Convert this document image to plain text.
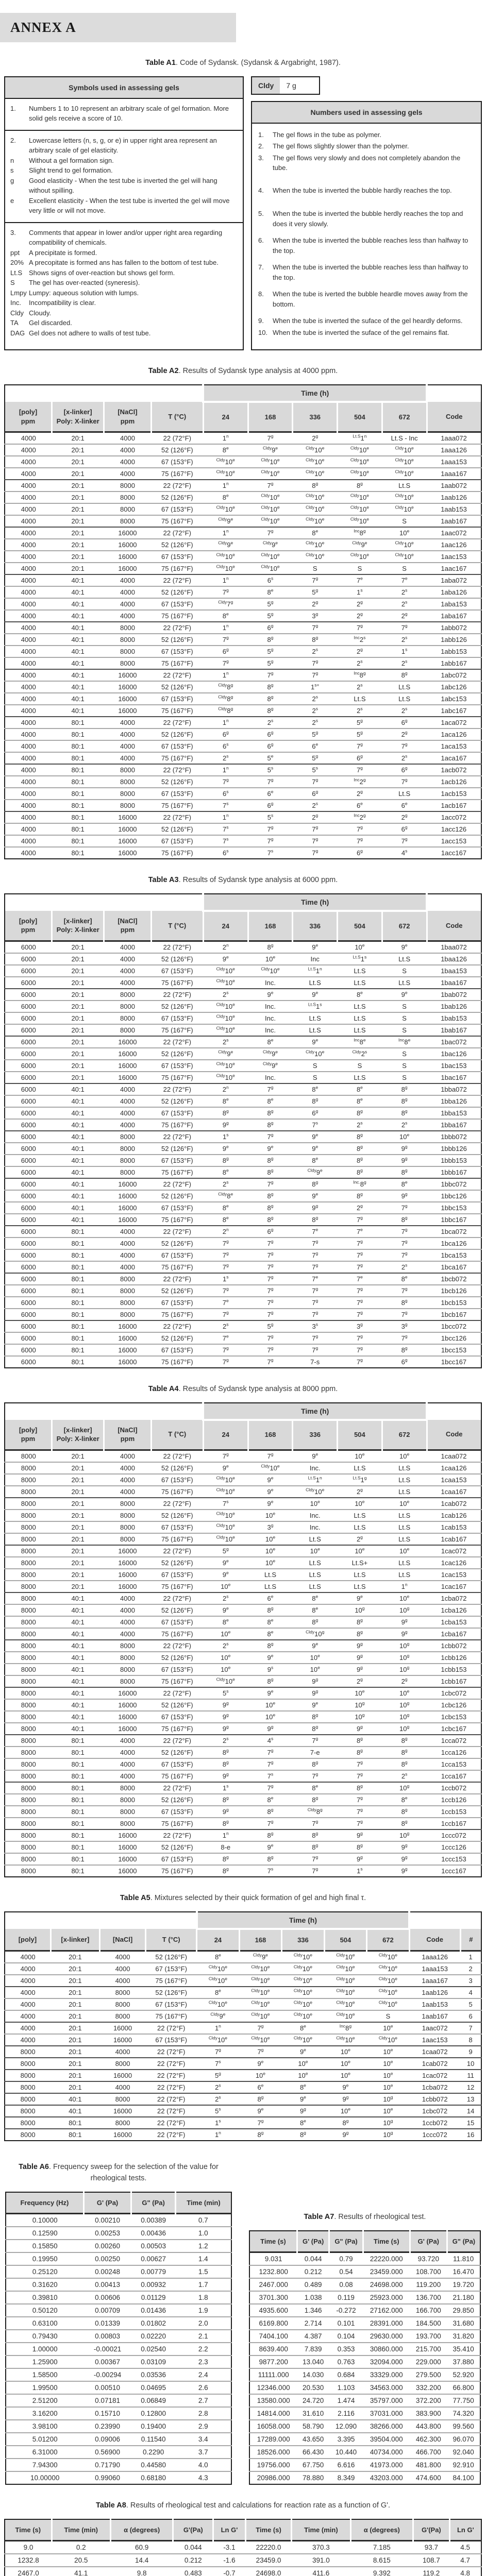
ANNEX A
Table A1. Code of Sydansk. (Sydansk & Argabright, 1987).
Symbols used in assessing gels
1.	Numbers 1 to 10 represent an arbitrary scale of gel formation. More solid gels receive a score of 10.
2.	Lowercase letters (n, s, g, or e) in upper right area represent an arbitrary scale of gel elasticity.
n	Without a gel formation sign.
s	Slight trend to gel formation.
g	Good elasticity - When the test tube is inverted the gel will hang without spilling.
e	Excellent elasticity - When the test tube is inverted the gel will move very little or will not move.
3.	Comments that appear in lower and/or upper right area regarding compatibility of chemicals.
ppt	A precipitate is formed.
20% A precopitate is formed ans has fallen to the bottom of test tube.
Lt.S Shows signs of over-reaction but shows gel form.
S	The gel has over-reacted (syneresis).
Lmpy Lumpy: aqueous solution with lumps.
Inc.	Incompatibility is clear.
Cldy Cloudy.
TA	Gel discarded.
DAG Gel does not adhere to walls of test tube.
Cldy	7 g
Numbers used in assessing gels
1.	The gel flows in the tube as polymer.
2.	The gel flows slightly slower than the polymer.
3.	The gel flows very slowly and does not completely abandon the tube.
4.	When the tube is inverted the bubble hardly reaches the top.
5.	When the tube is inverted the bubble herdly reaches the top and does it very slowly.
6.	When the tube is inverted the bubble reaches less than halfway to the top.
7.	When the tube is inverted the bubble reaches less than halfway to the top.
8.	When the tube is iverted the bubble heardle moves away from the bottom.
9.	When the tube is inverted the suface of the gel heardly deforms.
10. When the tube is inverted the suface of the gel remains flat.
Table A2. Results of Sydansk type analysis at 4000 ppm.
				Time (h)					
[poly]
ppm	[x-linker]
Poly: X-linker	[NaCl]
ppm	T (°C)	24	168	336	504	672	Code
4000	20:1	4000	22 (72°F)	1$^n$	7$^g$	2$^g$	$^{Lt.S}$1$^n$	Lt.S - Inc	1aaa072
4000	20:1	4000	52 (126°F)	8e	$^{Cldy}$9e	$^{Cldy}$10e	$^{Cldy}$10e	$^{Cldy}$10e	1aaa126
4000	20:1	4000	67 (153°F)	$^{Cldy}$10e	$^{Cldy}$10e	$^{Cldy}$10e	$^{Cldy}$10e	$^{Cldy}$10e	1aaa153
4000	20:1	4000	75 (167°F)	$^{Cldy}$10e	$^{Cldy}$10e	$^{Cldy}$10e	$^{Cldy}$10e	$^{Cldy}$10e	1aaa167
4000	20:1	8000	22 (72°F)	1$^n$	7$^g$	8$^g$	8$^g$	Lt.S	1aab072
4000	20:1	8000	52 (126°F)	8e	$^{Cldy}$10e	$^{Cldy}$10e	$^{Cldy}$10e	$^{Cldy}$10e	1aab126
4000	20:1	8000	67 (153°F)	$^{Cldy}$10e	$^{Cldy}$10e	$^{Cldy}$10e	$^{Cldy}$10e	$^{Cldy}$10e	1aab153
4000	20:1	8000	75 (167°F)	$^{Cldy}$9e	$^{Cldy}$10e	$^{Cldy}$10e	$^{Cldy}$10e	S	1aab167
4000	20:1	16000	22 (72°F)	1$^n$	7$^g$	8e	$^{Inc}$8$^g$	10e	1aac072
4000	20:1	16000	52 (126°F)	$^{Cldy}$9e	$^{Cldy}$9e	$^{Cldy}$10e	$^{Cldy}$9e	$^{Cldy}$10e	1aac126
4000	20:1	16000	67 (153°F)	$^{Cldy}$10e	$^{Cldy}$10e	$^{Cldy}$10e	$^{Cldy}$10e	$^{Cldy}$10e	1aac153
4000	20:1	16000	75 (167°F)	$^{Cldy}$10e	$^{Cldy}$10e	S	S	S	1aac167
4000	40:1	4000	22 (72°F)	1$^n$	6$^s$	7$^g$	7e	7e	1aba072
4000	40:1	4000	52 (126°F)	7$^g$	8e	5$^g$	1$^s$	2$^s$	1aba126
4000	40:1	4000	67 (153°F)	$^{Cldy}$7$^g$	5$^g$	2$^g$	2$^g$	2$^s$	1aba153
4000	40:1	4000	75 (167°F)	8e	5$^g$	3$^g$	2$^g$	2$^g$	1aba167
4000	40:1	8000	22 (72°F)	1$^n$	6$^g$	7$^g$	7$^g$	7$^g$	1abb072
4000	40:1	8000	52 (126°F)	7$^g$	8$^g$	8$^g$	$^{Inc}$2$^s$	2$^s$	1abb126
4000	40:1	8000	67 (153°F)	6$^g$	5$^g$	2$^s$	2$^g$	1$^s$	1abb153
4000	40:1	8000	75 (167°F)	7$^g$	5$^g$	7$^g$	2$^s$	2$^s$	1abb167
4000	40:1	16000	22 (72°F)	1$^n$	7$^g$	7$^g$	$^{Inc}$8$^g$	8$^g$	1abc072
4000	40:1	16000	52 (126°F)	$^{Cldy}$8$^g$	8$^g$	$1^{s+}$	2$^s$	Lt.S	1abc126
4000	40:1	16000	67 (153°F)	$^{Cldy}$8$^g$	8$^g$	2$^s$	Lt.S	Lt.S	1abc153
4000	40:1	16000	75 (167°F)	$^{Cldy}$8$^g$	8$^g$	2$^s$	2$^s$	2$^s$	1abc167
4000	80:1	4000	22 (72°F)	1$^n$	2$^s$	2$^s$	5$^g$	6$^g$	1aca072
4000	80:1	4000	52 (126°F)	6$^g$	6$^g$	5$^g$	5$^g$	2$^g$	1aca126
4000	80:1	4000	67 (153°F)	6$^s$	6$^g$	6e	7$^g$	7$^g$	1aca153
4000	80:1	4000	75 (167°F)	2$^s$	5e	5$^g$	6$^g$	2$^s$	1aca167
4000	80:1	8000	22 (72°F)	1$^n$	5$^s$	5$^s$	7$^g$	6$^g$	1acb072
4000	80:1	8000	52 (126°F)	7$^g$	7$^g$	7$^g$	$^{Inc}$2$^g$	7$^g$	1acb126
4000	80:1	8000	67 (153°F)	6$^s$	6e	6$^g$	2$^g$	Lt.S	1acb153
4000	80:1	8000	75 (167°F)	7$^s$	6$^g$	2$^s$	6e	6e	1acb167
4000	80:1	16000	22 (72°F)	1$^n$	5$^s$	2$^g$	$^{Inc}$2$^g$	2$^g$	1acc072
4000	80:1	16000	52 (126°F)	7$^s$	7$^g$	7$^g$	7$^g$	6$^g$	1acc126
4000	80:1	16000	67 (153°F)	7$^s$	7$^g$	7$^g$	7$^g$	7$^g$	1acc153
4000	80:1	16000	75 (167°F)	6$^s$	7$^s$	7$^g$	6$^g$	4$^s$	1acc167
Table A3. Results of Sydansk type analysis at 6000 ppm.
				Time (h)					
[poly]
ppm	[x-linker]
Poly: X-linker	[NaCl]
ppm	T (°C)	24	168	336	504	672	Code
6000	20:1	4000	22 (72°F)	2$^n$	8$^g$	9e	10e	9e	1baa072
6000	20:1	4000	52 (126°F)	9e	10e	Inc	$^{Lt.S}$1$^s$	Lt.S	1baa126
6000	20:1	4000	67 (153°F)	$^{Cldy}$10e	$^{Cldy}$10e	$^{Lt.S}$1$^n$	Lt.S	S	1baa153
6000	20:1	4000	75 (167°F)	$^{Cldy}$10e	Inc.	Lt.S	Lt.S	Lt.S	1baa167
6000	20:1	8000	22 (72°F)	2$^s$	9e	9e	8e	9e	1bab072
6000	20:1	8000	52 (126°F)	$^{Cldy}$10e	Inc.	$^{Lt.S}$1$^s$	Lt.S	S	1bab126
6000	20:1	8000	67 (153°F)	$^{Cldy}$10e	Inc.	Lt.S	Lt.S	S	1bab153
6000	20:1	8000	75 (167°F)	$^{Cldy}$10e	Inc.	Lt.S	Lt.S	S	1bab167
6000	20:1	16000	22 (72°F)	2$^s$	8e	9e	$^{Inc}$8e	$^{Inc}$8e	1bac072
6000	20:1	16000	52 (126°F)	$^{Cldy}$9e	$^{Cldy}$9e	$^{Cldy}$10e	$^{Cldy}$2$^s$	S	1bac126
6000	20:1	16000	67 (153°F)	$^{Cldy}$10e	$^{Cldy}$9e	S	S	S	1bac153
6000	20:1	16000	75 (167°F)	$^{Cldy}$10e	Inc.	S	Lt.S	S	1bac167
6000	40:1	4000	22 (72°F)	2$^n$	7$^g$	8e	8e	8$^g$	1bba072
6000	40:1	4000	52 (126°F)	8e	8e	8$^g$	8e	8$^g$	1bba126
6000	40:1	4000	67 (153°F)	8$^g$	8$^g$	6$^g$	8$^g$	8$^g$	1bba153
6000	40:1	4000	75 (167°F)	9$^g$	8$^g$	7$^s$	2$^s$	2$^s$	1bba167
6000	40:1	8000	22 (72°F)	1$^s$	7$^g$	9e	8$^g$	10e	1bbb072
6000	40:1	8000	52 (126°F)	9e	9e	9e	8$^g$	9$^g$	1bbb126
6000	40:1	8000	67 (153°F)	8$^g$	8$^g$	8e	8$^g$	9$^g$	1bbb153
6000	40:1	8000	75 (167°F)	8e	8$^g$	$^{Cldy}$9e	8$^g$	8$^g$	1bbb167
6000	40:1	16000	22 (72°F)	2$^s$	7$^g$	8$^g$	$^{Inc.}$8$^g$	8e	1bbc072
6000	40:1	16000	52 (126°F)	$^{Cldy}$8e	8$^g$	9e	8$^g$	9$^g$	1bbc126
6000	40:1	16000	67 (153°F)	8e	8$^g$	9$^g$	2$^g$	7$^g$	1bbc153
6000	40:1	16000	75 (167°F)	8e	8$^g$	8$^g$	7$^g$	8$^g$	1bbc167
6000	80:1	4000	22 (72°F)	2$^n$	6$^g$	7e	7e	7$^g$	1bca072
6000	80:1	4000	52 (126°F)	7$^g$	7$^g$	7$^g$	7$^g$	7$^g$	1bca126
6000	80:1	4000	67 (153°F)	7$^g$	7$^g$	7$^g$	7$^g$	7$^g$	1bca153
6000	80:1	4000	75 (167°F)	7$^g$	7$^g$	7$^g$	7$^g$	2$^s$	1bca167
6000	80:1	8000	22 (72°F)	1$^s$	7$^g$	7e	7e	8e	1bcb072
6000	80:1	8000	52 (126°F)	7$^g$	7$^g$	7$^g$	7$^g$	7$^g$	1bcb126
6000	80:1	8000	67 (153°F)	7e	7$^g$	7$^g$	7$^g$	8$^g$	1bcb153
6000	80:1	8000	75 (167°F)	7$^g$	7$^g$	7$^g$	7$^g$	7$^g$	1bcb167
6000	80:1	16000	22 (72°F)	2$^s$	5$^g$	3$^s$	3$^g$	3$^g$	1bcc072
6000	80:1	16000	52 (126°F)	7e	7$^g$	7$^g$	7$^g$	7$^g$	1bcc126
6000	80:1	16000	67 (153°F)	7$^g$	7$^g$	7$^g$	7$^g$	8$^g$	1bcc153
6000	80:1	16000	75 (167°F)	7$^g$	7$^g$	7-s	7$^g$	6$^g$	1bcc167
Table A4. Results of Sydansk type analysis at 8000 ppm.
				Time (h)					
[poly]
ppm	[x-linker]
Poly: X-linker	[NaCl]
ppm	T (°C)	24	168	336	504	672	Code
8000	20:1	4000	22 (72°F)	7$^g$	7$^g$	9e	10e	10e	1caa072
8000	20:1	4000	52 (126°F)	9e	$^{Cldy}$10e	Inc.	Lt.S	Lt.S	1caa126
8000	20:1	4000	67 (153°F)	$^{Cldy}$10e	9e	$^{Lt.S}$1$^n$	$^{Lt.S}$1$^g$	Lt.S	1caa153
8000	20:1	4000	75 (167°F)	$^{Cldy}$10e	9e	$^{Cldy}$10e	2$^g$	Lt.S	1caa167
8000	20:1	8000	22 (72°F)	7$^s$	9e	10e	10e	10e	1cab072
8000	20:1	8000	52 (126°F)	$^{Cldy}$10e	10e	Inc.	Lt.S	Lt.S	1cab126
8000	20:1	8000	67 (153°F)	$^{Cldy}$10e	3$^g$	Inc.	Lt.S	Lt.S	1cab153
8000	20:1	8000	75 (167°F)	$^{Cldy}$10e	10e	Lt.S	2$^g$	Lt.S	1cab167
8000	20:1	16000	22 (72°F)	5$^g$	10e	10e	10e	10e	1cac072
8000	20:1	16000	52 (126°F)	9e	10e	Lt.S	Lt.S+	Lt.S	1cac126
8000	20:1	16000	67 (153°F)	9e	Lt.S	Lt.S	Lt.S	Lt.S	1cac153
8000	20:1	16000	75 (167°F)	10e	Lt.S	Lt.S	Lt.S	1$^n$	1cac167
8000	40:1	4000	22 (72°F)	2$^s$	6e	8e	9e	10e	1cba072
8000	40:1	4000	52 (126°F)	9e	8$^g$	8e	10$^g$	10$^g$	1cba126
8000	40:1	4000	67 (153°F)	8e	8e	8$^g$	8$^g$	9$^g$	1cba153
8000	40:1	4000	75 (167°F)	10e	8e	$^{Cldy}$10$^g$	8$^g$	9$^g$	1cba167
8000	40:1	8000	22 (72°F)	2$^s$	8$^g$	9e	9$^g$	10$^g$	1cbb072
8000	40:1	8000	52 (126°F)	10e	9e	10e	9$^g$	10$^g$	1cbb126
8000	40:1	8000	67 (153°F)	10e	9$^s$	10e	9$^g$	10$^g$	1cbb153
8000	40:1	8000	75 (167°F)	$^{Cldy}$10e	8$^g$	9$^g$	2$^g$	2$^g$	1cbb167
8000	40:1	16000	22 (72°F)	5$^s$	9e	9$^g$	10e	10e	1cbc072
8000	40:1	16000	52 (126°F)	9$^g$	10e	9e	10$^g$	10$^g$	1cbc126
8000	40:1	16000	67 (153°F)	9$^g$	10e	8$^g$	10$^g$	10$^g$	1cbc153
8000	40:1	16000	75 (167°F)	9$^g$	9$^g$	8$^g$	9$^g$	10$^g$	1cbc167
8000	80:1	4000	22 (72°F)	2$^s$	4$^s$	7$^g$	8$^g$	8$^g$	1cca072
8000	80:1	4000	52 (126°F)	8$^g$	7$^g$	7-e	8$^g$	8$^g$	1cca126
8000	80:1	4000	67 (153°F)	8$^g$	7$^g$	8$^g$	7$^g$	8$^g$	1cca153
8000	80:1	4000	75 (167°F)	9$^g$	7$^s$	7$^g$	7$^g$	2$^s$	1cca167
8000	80:1	8000	22 (72°F)	1$^s$	7$^g$	8e	8$^g$	10$^g$	1ccb072
8000	80:1	8000	52 (126°F)	8$^g$	8e	8$^g$	7$^g$	8e	1ccb126
8000	80:1	8000	67 (153°F)	9$^g$	8$^g$	$^{Cldy}$8$^g$	7$^g$	8$^g$	1ccb153
8000	80:1	8000	75 (167°F)	8$^g$	7$^g$	7$^g$	7$^g$	8$^g$	1ccb167
8000	80:1	16000	22 (72°F)	1$^n$	8$^g$	8$^g$	9$^g$	10$^g$	1ccc072
8000	80:1	16000	52 (126°F)	8-e	9e	8$^g$	8$^g$	9$^g$	1ccc126
8000	80:1	16000	67 (153°F)	8$^g$	8$^g$	7$^g$	9$^g$	9$^g$	1ccc153
8000	80:1	16000	75 (167°F)	8$^g$	7$^s$	7$^g$	1$^s$	9$^g$	1ccc167
Table A5. Mixtures selected by their quick formation of gel and high final τ.
				Time (h)						
[poly]	[x-linker]	[NaCl]	T (°C)	24	168	336	504	672	Code	#
4000	20:1	4000	52 (126°F)	8e	$^{Cldy}$9e	$^{Cldy}$10e	$^{Cldy}$10e	$^{Cldy}$10e	1aaa126	1
4000	20:1	4000	67 (153°F)	$^{Cldy}$10e	$^{Cldy}$10e	$^{Cldy}$10e	$^{Cldy}$10e	$^{Cldy}$10e	1aaa153	2
4000	20:1	4000	75 (167°F)	$^{Cldy}$10e	$^{Cldy}$10e	$^{Cldy}$10e	$^{Cldy}$10e	$^{Cldy}$10e	1aaa167	3
4000	20:1	8000	52 (126°F)	8e	$^{Cldy}$10e	$^{Cldy}$10e	$^{Cldy}$10e	$^{Cldy}$10e	1aab126	4
4000	20:1	8000	67 (153°F)	$^{Cldy}$10e	$^{Cldy}$10e	$^{Cldy}$10e	$^{Cldy}$10e	$^{Cldy}$10e	1aab153	5
4000	20:1	8000	75 (167°F)	$^{Cldy}$9e	$^{Cldy}$10e	$^{Cldy}$10e	$^{Cldy}$10e	S	1aab167	6
4000	20:1	16000	22 (72°F)	1$^n$	7$^g$	8e	$^{Inc}$8$^g$	10e	1aac072	7
4000	20:1	16000	67 (153°F)	$^{Cldy}$10e	$^{Cldy}$10e	$^{Cldy}$10e	$^{Cldy}$10e	$^{Cldy}$10e	1aac153	8
8000	20:1	4000	22 (72°F)	7$^g$	7$^g$	9e	10e	10e	1caa072	9
8000	20:1	8000	22 (72°F)	7$^s$	9e	10e	10e	10e	1cab072	10
8000	20:1	16000	22 (72°F)	5$^g$	10e	10e	10e	10e	1cac072	11
8000	20:1	4000	22 (72°F)	2$^s$	6e	8e	9e	10e	1cba072	12
8000	40:1	8000	22 (72°F)	2$^s$	8$^g$	9e	9$^g$	10$^g$	1cbb072	13
8000	40:1	16000	22 (72°F)	5$^s$	9e	9$^g$	10e	10e	1cbc072	14
8000	80:1	8000	22 (72°F)	1$^s$	7$^g$	8e	8$^g$	10$^g$	1ccb072	15
8000	80:1	16000	22 (72°F)	1$^n$	8$^g$	8$^g$	9$^g$	10$^g$	1ccc072	16
Table A6. Frequency sweep for the selection of the value for rheological tests.
Frequency (Hz)	G' (Pa)	G" (Pa)	Time (min)
0.10000	0.00210	0.00389	0.7
0.12590	0.00253	0.00436	1.0
0.15850	0.00260	0.00503	1.2
0.19950	0.00250	0.00627	1.4
0.25120	0.00248	0.00779	1.5
0.31620	0.00413	0.00932	1.7
0.39810	0.00606	0.01129	1.8
0.50120	0.00709	0.01436	1.9
0.63100	0.01339	0.01802	2.0
0.79430	0.00803	0.02220	2.1
1.00000	-0.00021	0.02540	2.2
1.25900	0.00367	0.03109	2.3
1.58500	-0.00294	0.03536	2.4
1.99500	0.00510	0.04695	2.6
2.51200	0.07181	0.06849	2.7
3.16200	0.15710	0.12800	2.8
3.98100	0.23990	0.19400	2.9
5.01200	0.09006	0.11540	3.4
6.31000	0.56900	0.2290	3.7
7.94300	0.71790	0.44580	4.0
10.00000	0.99060	0.68180	4.3
Table A7. Results of rheological test.
Time (s)	G' (Pa)	G" (Pa)	Time (s)	G' (Pa)	G" (Pa)
9.031	0.044	0.79	22220.000	93.720	11.810
1232.800	0.212	0.54	23459.000	108.700	16.470
2467.000	0.489	0.08	24698.000	119.200	19.720
3701.300	1.038	0.119	25923.000	136.700	21.180
4935.600	1.346	-0.272	27162.000	166.700	29.850
6169.800	2.714	0.101	28391.000	184.500	31.680
7404.100	4.387	0.104	29630.000	193.700	31.820
8639.400	7.839	0.353	30860.000	215.700	35.410
9877.200	13.040	0.763	32094.000	229.000	37.880
11111.000	14.030	0.684	33329.000	279.500	52.920
12346.000	20.530	1.103	34563.000	332.200	66.800
13580.000	24.720	1.474	35797.000	372.200	77.750
14814.000	31.610	2.116	37031.000	383.900	74.320
16058.000	58.790	12.090	38266.000	443.800	99.560
17289.000	43.650	3.395	39504.000	462.300	96.070
18526.000	66.430	10.440	40734.000	466.700	92.040
19756.000	67.750	6.616	41973.000	481.800	92.910
20986.000	78.880	8.349	43203.000	474.600	84.100
Table A8. Results of rheological test and calculations for reaction rate as a function of G'.
Time (s)	Time (min)	α (degrees)	G'(Pa)	Ln G'	Time (s)	Time (min)	α (degrees)	G'(Pa)	Ln G'
9.0	0.2	60.9	0.044	-3.1	22220.0	370.3	7.185	93.7	4.5
1232.8	20.5	14.4	0.212	-1.6	23459.0	391.0	8.615	108.7	4.7
2467.0	41.1	9.8	0.483	-0.7	24698.0	411.6	9.392	119.2	4.8
